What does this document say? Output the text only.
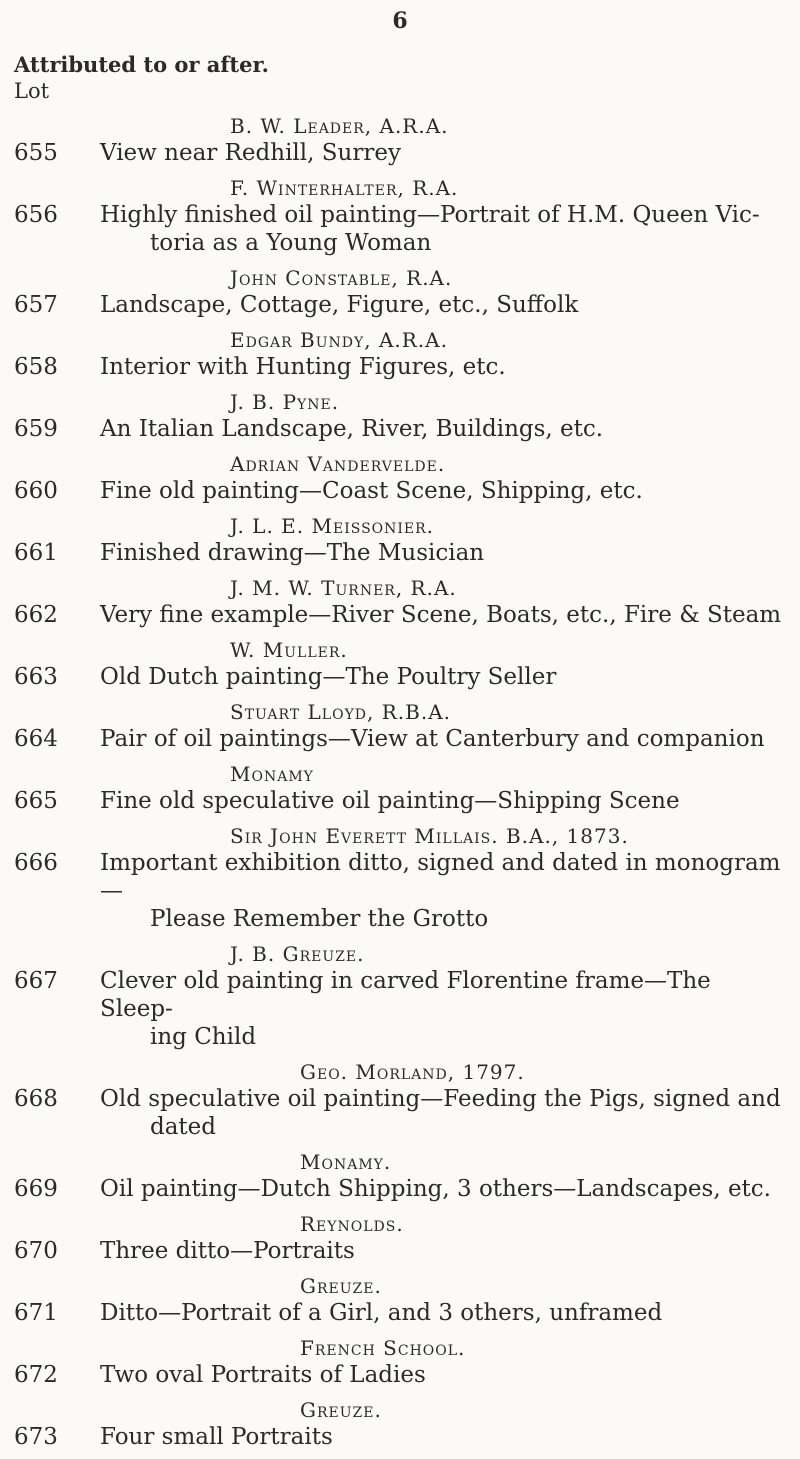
6
Attributed to or after.
Lot
B. W. Leader, A.R.A.
655	View near Redhill, Surrey
F. Winterhalter, R.A.
656	Highly finished oil painting—Portrait of H.M. Queen Vic-
toria as a Young Woman
John Constable, R.A.
657	Landscape, Cottage, Figure, etc., Suffolk
Edgar Bundy, A.R.A.
658	Interior with Hunting Figures, etc.
J. B. Pyne.
659	An Italian Landscape, River, Buildings, etc.
Adrian Vanderveldе.
660	Fine old painting—Coast Scene, Shipping, etc.
J. L. E. Meissonier.
661	Finished drawing—The Musician
J. M. W. Turner, R.A.
662	Very fine example—River Scene, Boats, etc., Fire & Steam
W. Muller.
663	Old Dutch painting—The Poultry Seller
Stuart Lloyd, R.B.A.
664	Pair of oil paintings—View at Canterbury and companion
Monamy
665	Fine old speculative oil painting—Shipping Scene
Sir John Everett Millais. B.A., 1873.
666	Important exhibition ditto, signed and dated in monogram—
Please Remember the Grotto
J. B. Greuze.
667	Clever old painting in carved Florentine frame—The Sleep-
ing Child
Geo. Morland, 1797.
668	Old speculative oil painting—Feeding the Pigs, signed and
dated
Monamy.
669	Oil painting—Dutch Shipping, 3 others—Landscapes, etc.
Reynolds.
670	Three ditto—Portraits
Greuze.
671	Ditto—Portrait of a Girl, and 3 others, unframed
French School.
672	Two oval Portraits of Ladies
Greuze.
673	Four small Portraits
